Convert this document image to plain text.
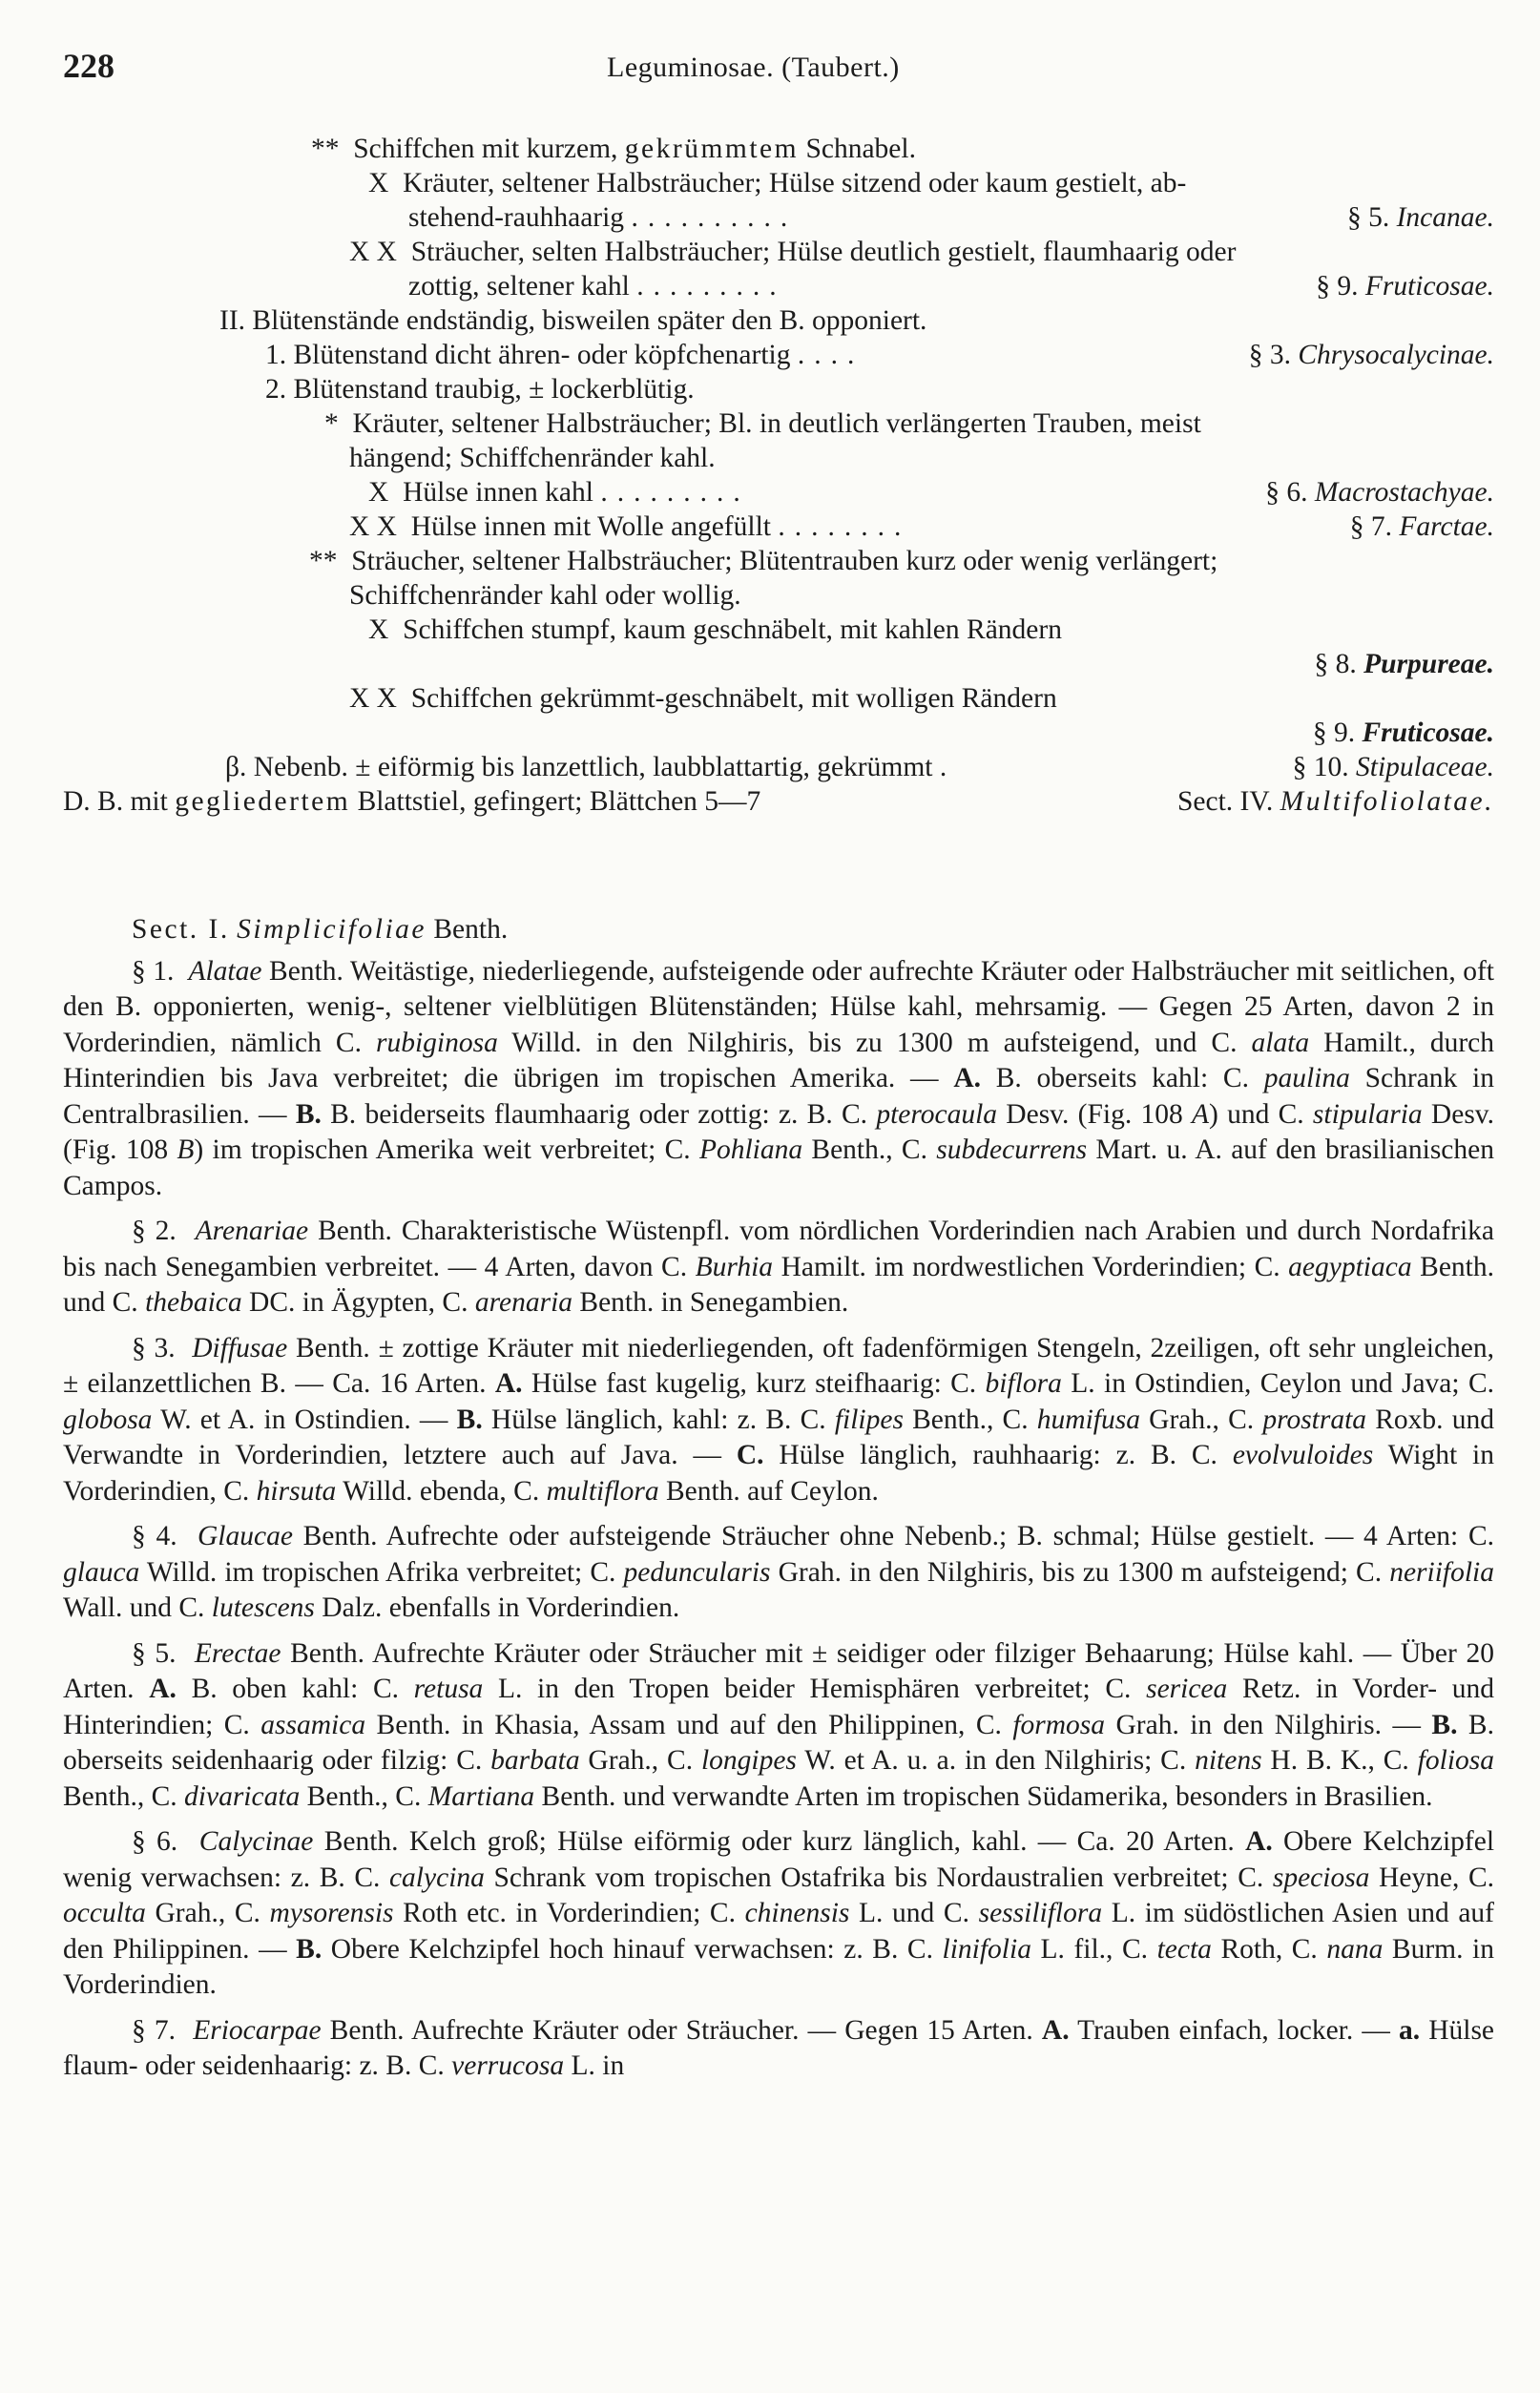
228	Leguminosae. (Taubert.)
** Schiffchen mit kurzem, gekrümmtem Schnabel.
X Kräuter, seltener Halbsträucher; Hülse sitzend oder kaum gestielt, ab-
stehend-rauhhaarig ..........	§ 5. Incanae.
X X Sträucher, selten Halbsträucher; Hülse deutlich gestielt, flaumhaarig oder
zottig, seltener kahl .........	§ 9. Fruticosae.
II. Blütenstände endständig, bisweilen später den B. opponiert.
1. Blütenstand dicht ähren- oder köpfchenartig ....	§ 3. Chrysocalycinae.
2. Blütenstand traubig, ± lockerblütig.
* Kräuter, seltener Halbsträucher; Bl. in deutlich verlängerten Trauben, meist
hängend; Schiffchenränder kahl.
X Hülse innen kahl .........	§ 6. Macrostachyae.
X X Hülse innen mit Wolle angefüllt ........	§ 7. Farctae.
** Sträucher, seltener Halbsträucher; Blütentrauben kurz oder wenig verlängert;
Schiffchenränder kahl oder wollig.
X Schiffchen stumpf, kaum geschnäbelt, mit kahlen Rändern
§ 8. Purpureae.
X X Schiffchen gekrümmt-geschnäbelt, mit wolligen Rändern
§ 9. Fruticosae.
β. Nebenb. ± eiförmig bis lanzettlich, laubblattartig, gekrümmt .	§ 10. Stipulaceae.
D. B. mit gegliedertem Blattstiel, gefingert; Blättchen 5—7	Sect. IV. Multifoliolatae.
Sect. I. Simplicifoliae Benth.

§ 1.  Alatae Benth. Weitästige, niederliegende, aufsteigende oder aufrechte Kräuter oder Halbsträucher mit seitlichen, oft den B. opponierten, wenig-, seltener vielblütigen Blütenständen; Hülse kahl, mehrsamig. — Gegen 25 Arten, davon 2 in Vorderindien, nämlich C. rubiginosa Willd. in den Nilghiris, bis zu 1300 m aufsteigend, und C. alata Hamilt., durch Hinterindien bis Java verbreitet; die übrigen im tropischen Amerika. — A. B. oberseits kahl: C. paulina Schrank in Centralbrasilien. — B. B. beiderseits flaumhaarig oder zottig: z. B. C. pterocaula Desv. (Fig. 108 A) und C. stipularia Desv. (Fig. 108 B) im tropischen Amerika weit verbreitet; C. Pohliana Benth., C. subdecurrens Mart. u. A. auf den brasilianischen Campos.

§ 2.  Arenariae Benth. Charakteristische Wüstenpfl. vom nördlichen Vorderindien nach Arabien und durch Nordafrika bis nach Senegambien verbreitet. — 4 Arten, davon C. Burhia Hamilt. im nordwestlichen Vorderindien; C. aegyptiaca Benth. und C. thebaica DC. in Ägypten, C. arenaria Benth. in Senegambien.

§ 3.  Diffusae Benth. ± zottige Kräuter mit niederliegenden, oft fadenförmigen Stengeln, 2zeiligen, oft sehr ungleichen, ± eilanzettlichen B. — Ca. 16 Arten. A. Hülse fast kugelig, kurz steifhaarig: C. biflora L. in Ostindien, Ceylon und Java; C. globosa W. et A. in Ostindien. — B. Hülse länglich, kahl: z. B. C. filipes Benth., C. humifusa Grah., C. prostrata Roxb. und Verwandte in Vorderindien, letztere auch auf Java. — C. Hülse länglich, rauhhaarig: z. B. C. evolvuloides Wight in Vorderindien, C. hirsuta Willd. ebenda, C. multiflora Benth. auf Ceylon.

§ 4.  Glaucae Benth. Aufrechte oder aufsteigende Sträucher ohne Nebenb.; B. schmal; Hülse gestielt. — 4 Arten: C. glauca Willd. im tropischen Afrika verbreitet; C. peduncularis Grah. in den Nilghiris, bis zu 1300 m aufsteigend; C. neriifolia Wall. und C. lutescens Dalz. ebenfalls in Vorderindien.

§ 5.  Erectae Benth. Aufrechte Kräuter oder Sträucher mit ± seidiger oder filziger Behaarung; Hülse kahl. — Über 20 Arten. A. B. oben kahl: C. retusa L. in den Tropen beider Hemisphären verbreitet; C. sericea Retz. in Vorder- und Hinterindien; C. assamica Benth. in Khasia, Assam und auf den Philippinen, C. formosa Grah. in den Nilghiris. — B. B. oberseits seidenhaarig oder filzig: C. barbata Grah., C. longipes W. et A. u. a. in den Nilghiris; C. nitens H. B. K., C. foliosa Benth., C. divaricata Benth., C. Martiana Benth. und verwandte Arten im tropischen Südamerika, besonders in Brasilien.

§ 6.  Calycinae Benth. Kelch groß; Hülse eiförmig oder kurz länglich, kahl. — Ca. 20 Arten. A. Obere Kelchzipfel wenig verwachsen: z. B. C. calycina Schrank vom tropischen Ostafrika bis Nordaustralien verbreitet; C. speciosa Heyne, C. occulta Grah., C. mysorensis Roth etc. in Vorderindien; C. chinensis L. und C. sessiliflora L. im südöstlichen Asien und auf den Philippinen. — B. Obere Kelchzipfel hoch hinauf verwachsen: z. B. C. linifolia L. fil., C. tecta Roth, C. nana Burm. in Vorderindien.

§ 7.  Eriocarpae Benth. Aufrechte Kräuter oder Sträucher. — Gegen 15 Arten. A. Trauben einfach, locker. — a. Hülse flaum- oder seidenhaarig: z. B. C. verrucosa L. in
